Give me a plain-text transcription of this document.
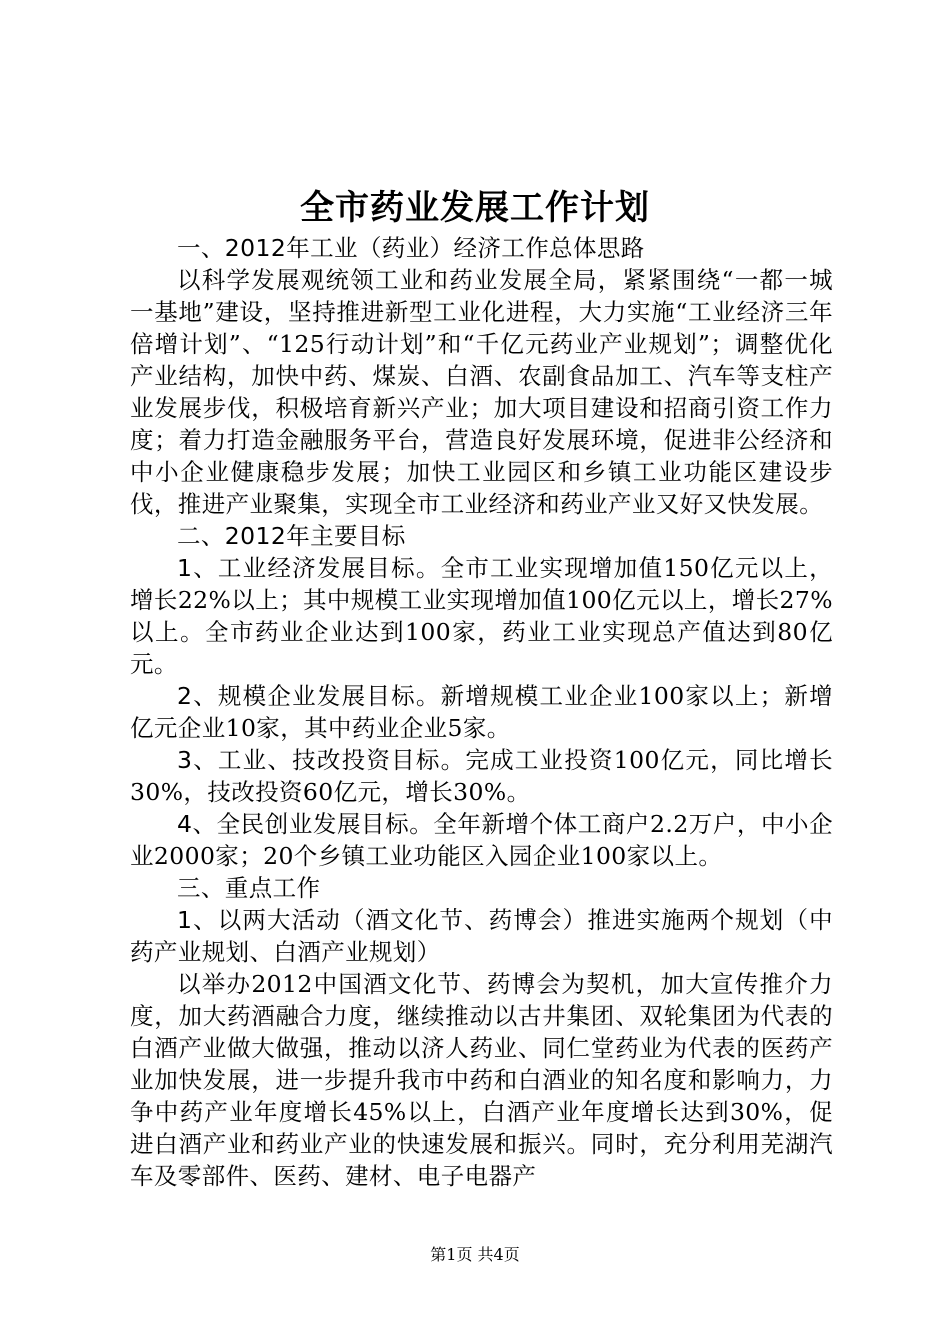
全市药业发展工作计划

一、2012年工业（药业）经济工作总体思路

以科学发展观统领工业和药业发展全局，紧紧围绕“一都一城一基地”建设，坚持推进新型工业化进程，大力实施“工业经济三年倍增计划”、“125行动计划”和“千亿元药业产业规划”；调整优化产业结构，加快中药、煤炭、白酒、农副食品加工、汽车等支柱产业发展步伐，积极培育新兴产业；加大项目建设和招商引资工作力度；着力打造金融服务平台，营造良好发展环境，促进非公经济和中小企业健康稳步发展；加快工业园区和乡镇工业功能区建设步伐，推进产业聚集，实现全市工业经济和药业产业又好又快发展。

二、2012年主要目标

1、工业经济发展目标。全市工业实现增加值150亿元以上，增长22%以上；其中规模工业实现增加值100亿元以上，增长27%以上。全市药业企业达到100家，药业工业实现总产值达到80亿元。

2、规模企业发展目标。新增规模工业企业100家以上；新增亿元企业10家，其中药业企业5家。

3、工业、技改投资目标。完成工业投资100亿元，同比增长30%，技改投资60亿元，增长30%。

4、全民创业发展目标。全年新增个体工商户2.2万户，中小企业2000家；20个乡镇工业功能区入园企业100家以上。

三、重点工作

1、以两大活动（酒文化节、药博会）推进实施两个规划（中药产业规划、白酒产业规划）

以举办2012中国酒文化节、药博会为契机，加大宣传推介力度，加大药酒融合力度，继续推动以古井集团、双轮集团为代表的白酒产业做大做强，推动以济人药业、同仁堂药业为代表的医药产业加快发展，进一步提升我市中药和白酒业的知名度和影响力，力争中药产业年度增长45%以上，白酒产业年度增长达到30%，促进白酒产业和药业产业的快速发展和振兴。同时，充分利用芜湖汽车及零部件、医药、建材、电子电器产

第1页 共4页
